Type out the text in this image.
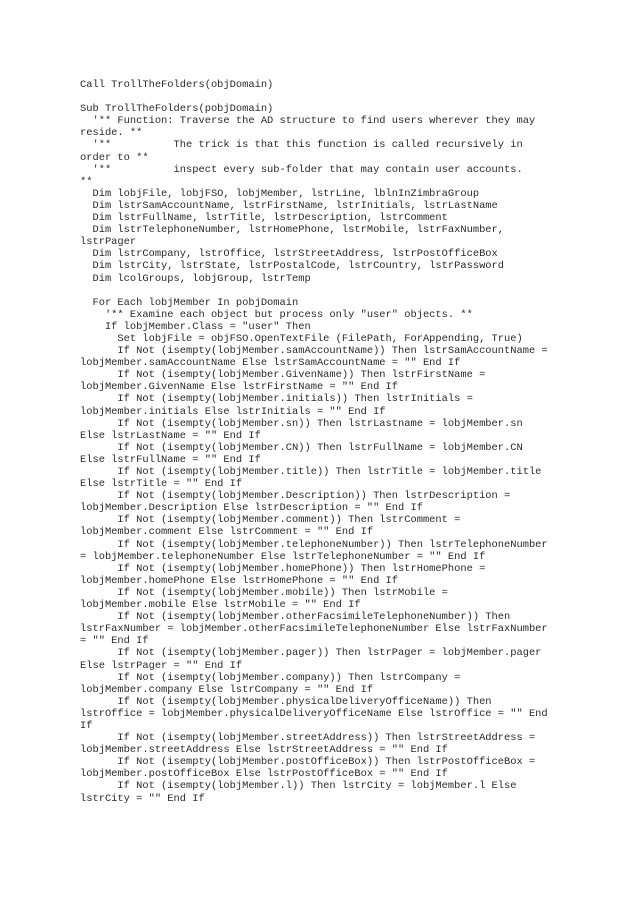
Call TrollTheFolders(objDomain)
Sub TrollTheFolders(pobjDomain)
'** Function: Traverse the AD structure to find users wherever they may
reside. **
'**          The trick is that this function is called recursively in
order to **
'**          inspect every sub-folder that may contain user accounts.
**
Dim lobjFile, lobjFSO, lobjMember, lstrLine, lblnInZimbraGroup
Dim lstrSamAccountName, lstrFirstName, lstrInitials, lstrLastName
Dim lstrFullName, lstrTitle, lstrDescription, lstrComment
Dim lstrTelephoneNumber, lstrHomePhone, lstrMobile, lstrFaxNumber,
lstrPager
Dim lstrCompany, lstrOffice, lstrStreetAddress, lstrPostOfficeBox
Dim lstrCity, lstrState, lstrPostalCode, lstrCountry, lstrPassword
Dim lcolGroups, lobjGroup, lstrTemp
For Each lobjMember In pobjDomain
'** Examine each object but process only "user" objects. **
If lobjMember.Class = "user" Then
Set lobjFile = objFSO.OpenTextFile (FilePath, ForAppending, True)
If Not (isempty(lobjMember.samAccountName)) Then lstrSamAccountName =
lobjMember.samAccountName Else lstrSamAccountName = "" End If
If Not (isempty(lobjMember.GivenName)) Then lstrFirstName =
lobjMember.GivenName Else lstrFirstName = "" End If
If Not (isempty(lobjMember.initials)) Then lstrInitials =
lobjMember.initials Else lstrInitials = "" End If
If Not (isempty(lobjMember.sn)) Then lstrLastname = lobjMember.sn
Else lstrLastName = "" End If
If Not (isempty(lobjMember.CN)) Then lstrFullName = lobjMember.CN
Else lstrFullName = "" End If
If Not (isempty(lobjMember.title)) Then lstrTitle = lobjMember.title
Else lstrTitle = "" End If
If Not (isempty(lobjMember.Description)) Then lstrDescription =
lobjMember.Description Else lstrDescription = "" End If
If Not (isempty(lobjMember.comment)) Then lstrComment =
lobjMember.comment Else lstrComment = "" End If
If Not (isempty(lobjMember.telephoneNumber)) Then lstrTelephoneNumber
= lobjMember.telephoneNumber Else lstrTelephoneNumber = "" End If
If Not (isempty(lobjMember.homePhone)) Then lstrHomePhone =
lobjMember.homePhone Else lstrHomePhone = "" End If
If Not (isempty(lobjMember.mobile)) Then lstrMobile =
lobjMember.mobile Else lstrMobile = "" End If
If Not (isempty(lobjMember.otherFacsimileTelephoneNumber)) Then
lstrFaxNumber = lobjMember.otherFacsimileTelephoneNumber Else lstrFaxNumber
= "" End If
If Not (isempty(lobjMember.pager)) Then lstrPager = lobjMember.pager
Else lstrPager = "" End If
If Not (isempty(lobjMember.company)) Then lstrCompany =
lobjMember.company Else lstrCompany = "" End If
If Not (isempty(lobjMember.physicalDeliveryOfficeName)) Then
lstrOffice = lobjMember.physicalDeliveryOfficeName Else lstrOffice = "" End
If
If Not (isempty(lobjMember.streetAddress)) Then lstrStreetAddress =
lobjMember.streetAddress Else lstrStreetAddress = "" End If
If Not (isempty(lobjMember.postOfficeBox)) Then lstrPostOfficeBox =
lobjMember.postOfficeBox Else lstrPostOfficeBox = "" End If
If Not (isempty(lobjMember.l)) Then lstrCity = lobjMember.l Else
lstrCity = "" End If
